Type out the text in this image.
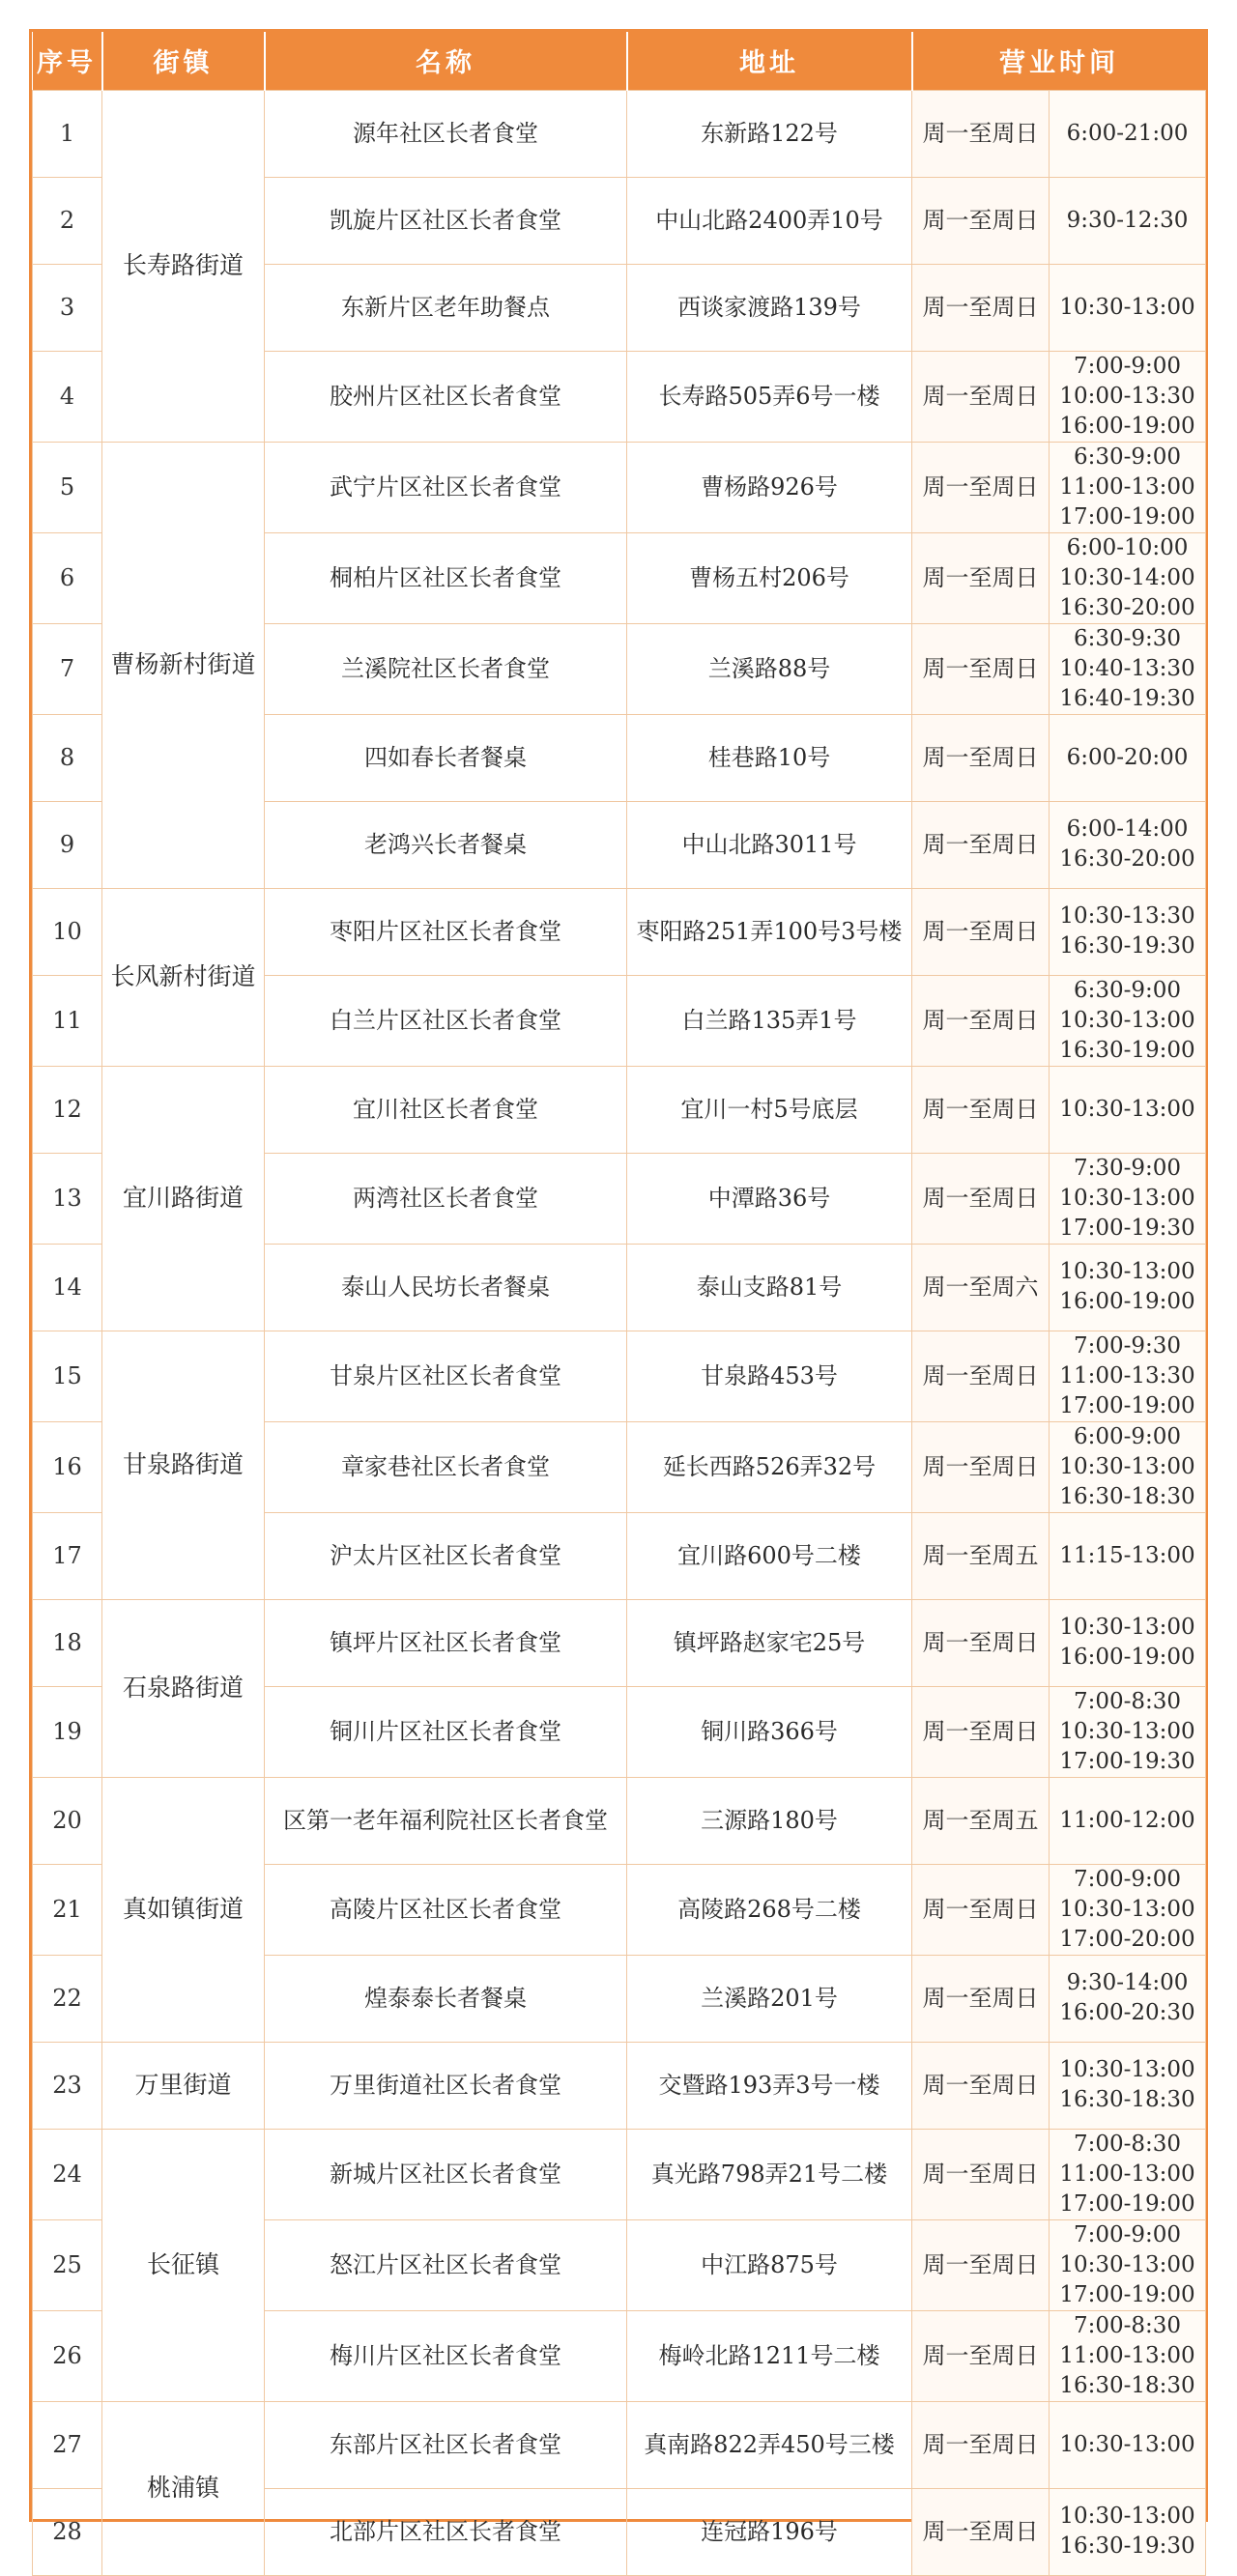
序号	街镇	名称	地址	营业时间	
1	长寿路街道	源年社区长者食堂	东新路122号	周一至周日	6:00-21:00

2		凯旋片区社区长者食堂	中山北路2400弄10号	周一至周日	9:30-12:30

3		东新片区老年助餐点	西谈家渡路139号	周一至周日	10:30-13:00

4		胶州片区社区长者食堂	长寿路505弄6号一楼	周一至周日	7:00-9:00
10:00-13:30
16:00-19:00

5	曹杨新村街道	武宁片区社区长者食堂	曹杨路926号	周一至周日	6:30-9:00
11:00-13:00
17:00-19:00

6		桐柏片区社区长者食堂	曹杨五村206号	周一至周日	6:00-10:00
10:30-14:00
16:30-20:00

7		兰溪院社区长者食堂	兰溪路88号	周一至周日	6:30-9:30
10:40-13:30
16:40-19:30

8		四如春长者餐桌	桂巷路10号	周一至周日	6:00-20:00

9		老鸿兴长者餐桌	中山北路3011号	周一至周日	6:00-14:00
16:30-20:00

10	长风新村街道	枣阳片区社区长者食堂	枣阳路251弄100号3号楼	周一至周日	10:30-13:30
16:30-19:30

11		白兰片区社区长者食堂	白兰路135弄1号	周一至周日	6:30-9:00
10:30-13:00
16:30-19:00

12	宜川路街道	宜川社区长者食堂	宜川一村5号底层	周一至周日	10:30-13:00

13		两湾社区长者食堂	中潭路36号	周一至周日	7:30-9:00
10:30-13:00
17:00-19:30

14		泰山人民坊长者餐桌	泰山支路81号	周一至周六	10:30-13:00
16:00-19:00

15	甘泉路街道	甘泉片区社区长者食堂	甘泉路453号	周一至周日	7:00-9:30
11:00-13:30
17:00-19:00

16		章家巷社区长者食堂	延长西路526弄32号	周一至周日	6:00-9:00
10:30-13:00
16:30-18:30

17		沪太片区社区长者食堂	宜川路600号二楼	周一至周五	11:15-13:00

18	石泉路街道	镇坪片区社区长者食堂	镇坪路赵家宅25号	周一至周日	10:30-13:00
16:00-19:00

19		铜川片区社区长者食堂	铜川路366号	周一至周日	7:00-8:30
10:30-13:00
17:00-19:30

20	真如镇街道	区第一老年福利院社区长者食堂	三源路180号	周一至周五	11:00-12:00

21		高陵片区社区长者食堂	高陵路268号二楼	周一至周日	7:00-9:00
10:30-13:00
17:00-20:00

22		煌泰泰长者餐桌	兰溪路201号	周一至周日	9:30-14:00
16:00-20:30

23	万里街道	万里街道社区长者食堂	交暨路193弄3号一楼	周一至周日	10:30-13:00
16:30-18:30

24	长征镇	新城片区社区长者食堂	真光路798弄21号二楼	周一至周日	7:00-8:30
11:00-13:00
17:00-19:00

25		怒江片区社区长者食堂	中江路875号	周一至周日	7:00-9:00
10:30-13:00
17:00-19:00

26		梅川片区社区长者食堂	梅岭北路1211号二楼	周一至周日	7:00-8:30
11:00-13:00
16:30-18:30

27	桃浦镇	东部片区社区长者食堂	真南路822弄450号三楼	周一至周日	10:30-13:00

28		北部片区社区长者食堂	连冠路196号	周一至周日	10:30-13:00
16:30-19:30
